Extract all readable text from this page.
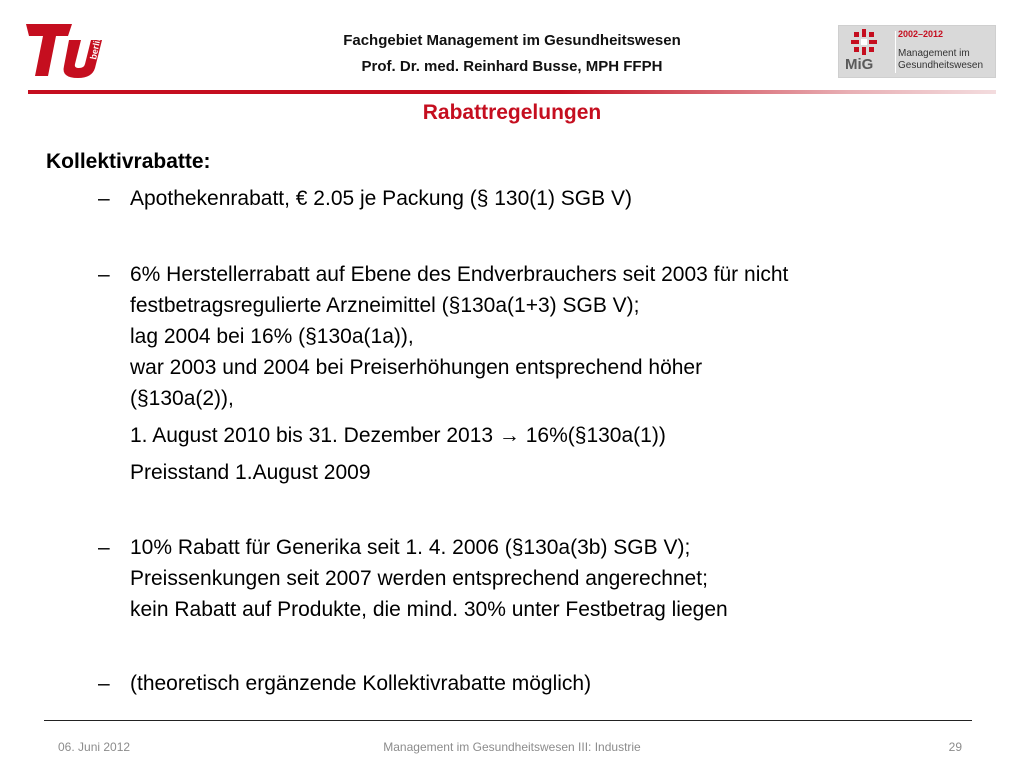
berlin	Fachgebiet Management im Gesundheitswesen
Prof. Dr. med. Reinhard Busse, MPH FFPH	MiG
2002–2012
Management im
Gesundheitswesen
Rabattregelungen
Kollektivrabatte:
– Apothekenrabatt, € 2.05 je Packung (§ 130(1) SGB V)
– 6% Herstellerrabatt auf Ebene des Endverbrauchers seit 2003 für nicht
festbetragsregulierte Arzneimittel (§130a(1+3) SGB V);
lag 2004 bei 16% (§130a(1a)),
war 2003 und 2004 bei Preiserhöhungen entsprechend höher
(§130a(2)),
1. August 2010 bis 31. Dezember 2013 → 16%(§130a(1))
Preisstand 1.August 2009
– 10% Rabatt für Generika seit 1. 4. 2006 (§130a(3b) SGB V);
Preissenkungen seit 2007 werden entsprechend angerechnet;
kein Rabatt auf Produkte, die mind. 30% unter Festbetrag liegen
– (theoretisch ergänzende Kollektivrabatte möglich)
06. Juni 2012	Management im Gesundheitswesen III: Industrie	29
